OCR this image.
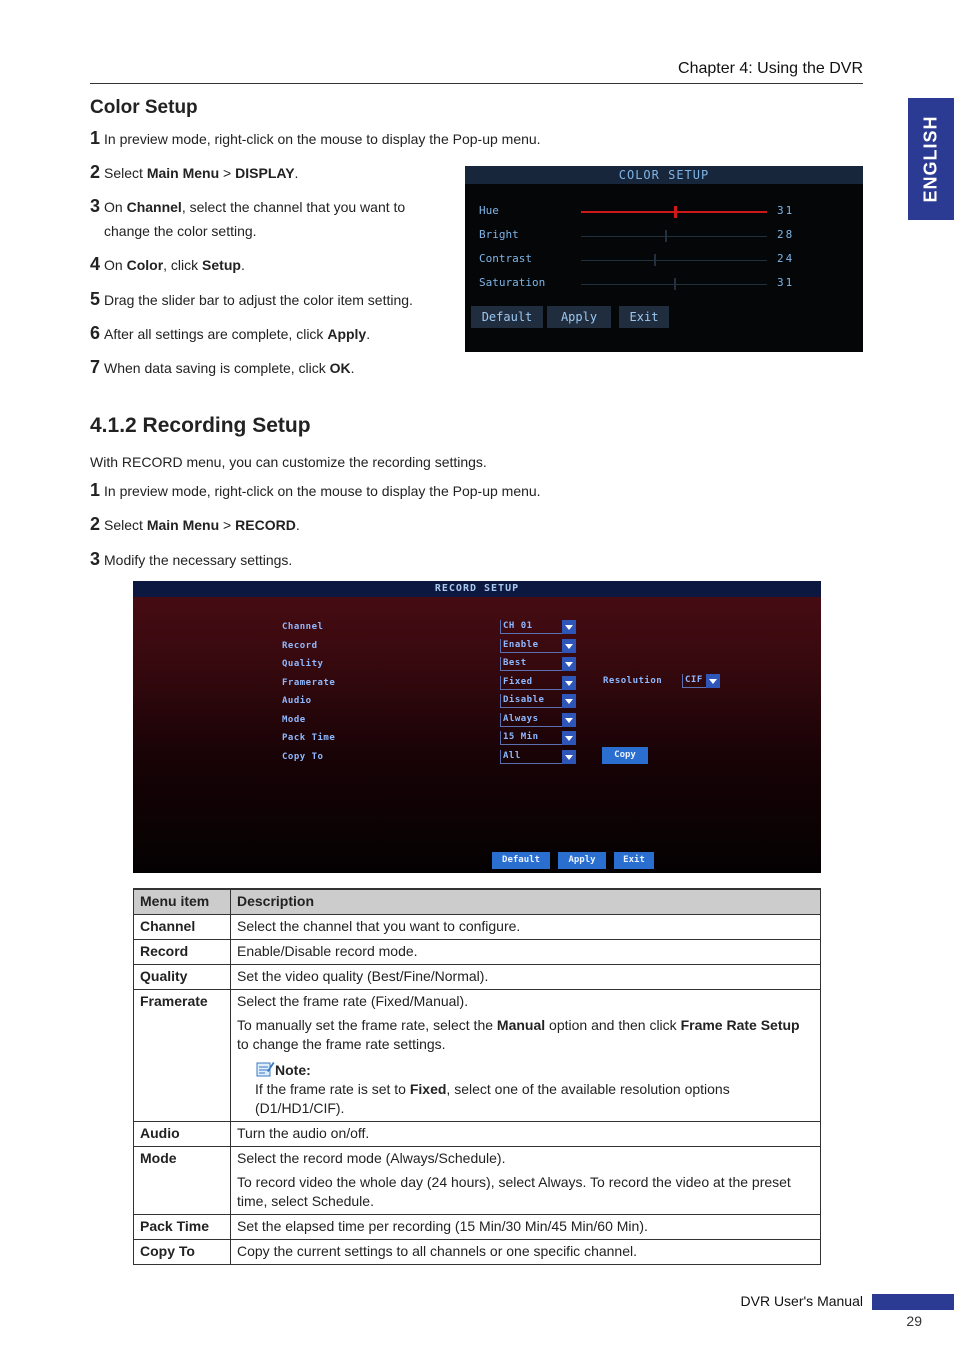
Chapter 4: Using the DVR
ENGLISH
Color Setup
1 In preview mode, right-click on the mouse to display the Pop-up menu.
2 Select Main Menu > DISPLAY.
3 On Channel, select the channel that you want to
change the color setting.
4 On Color, click Setup.
5 Drag the slider bar to adjust the color item setting.
6 After all settings are complete, click Apply.
7 When data saving is complete, click OK.
COLOR SETUP
Hue	31
Bright	28
Contrast	24
Saturation	31
Default	Apply	Exit
4.1.2 Recording Setup
With RECORD menu, you can customize the recording settings.
1 In preview mode, right-click on the mouse to display the Pop-up menu.
2 Select Main Menu > RECORD.
3 Modify the necessary settings.
RECORD SETUP
Channel	CH 01
Record	Enable
Quality	Best
Framerate	Fixed
Audio	Disable
Mode	Always
Pack Time	15 Min
Copy To	All
Resolution	CIF
Copy
Default	Apply	Exit
Menu item	Description
Channel	Select the channel that you want to configure.

Record	Enable/Disable record mode.

Quality	Set the video quality (Best/Fine/Normal).

Framerate	Select the frame rate (Fixed/Manual).

To manually set the frame rate, select the Manual option and then click Frame Rate Setup to change the frame rate settings.

Note:
If the frame rate is set to Fixed, select one of the available resolution options (D1/HD1/CIF).

Audio	Turn the audio on/off.

Mode	Select the record mode (Always/Schedule).

To record video the whole day (24 hours), select Always. To record the video at the preset time, select Schedule.

Pack Time	Set the elapsed time per recording (15 Min/30 Min/45 Min/60 Min).

Copy To	Copy the current settings to all channels or one specific channel.

DVR User's Manual
29
